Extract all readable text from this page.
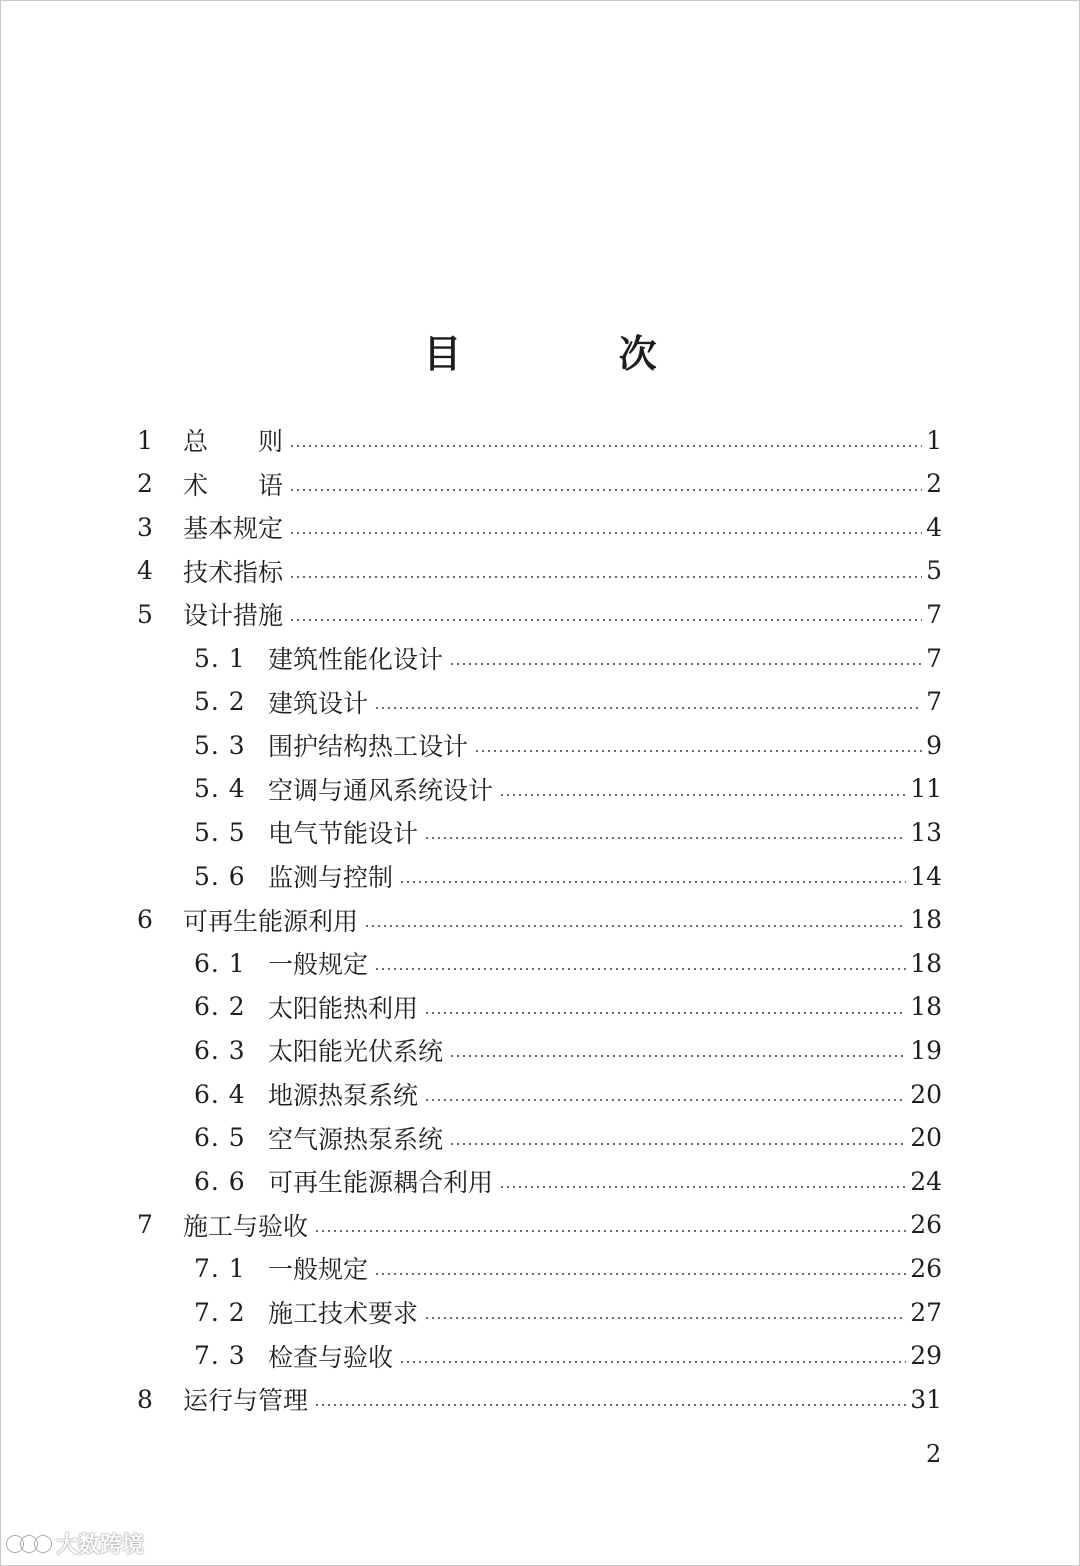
目 次
1	总　　则	1
2	术　　语	2
3	基本规定	4
4	技术指标	5
5	设计措施	7
5. 1 建筑性能化设计	7
5. 2 建筑设计	7
5. 3 围护结构热工设计	9
5. 4 空调与通风系统设计	11
5. 5 电气节能设计	13
5. 6 监测与控制	14
6	可再生能源利用	18
6. 1 一般规定	18
6. 2 太阳能热利用	18
6. 3 太阳能光伏系统	19
6. 4 地源热泵系统	20
6. 5 空气源热泵系统	20
6. 6 可再生能源耦合利用	24
7	施工与验收	26
7. 1 一般规定	26
7. 2 施工技术要求	27
7. 3 检查与验收	29
8	运行与管理	31
2
大数跨境
